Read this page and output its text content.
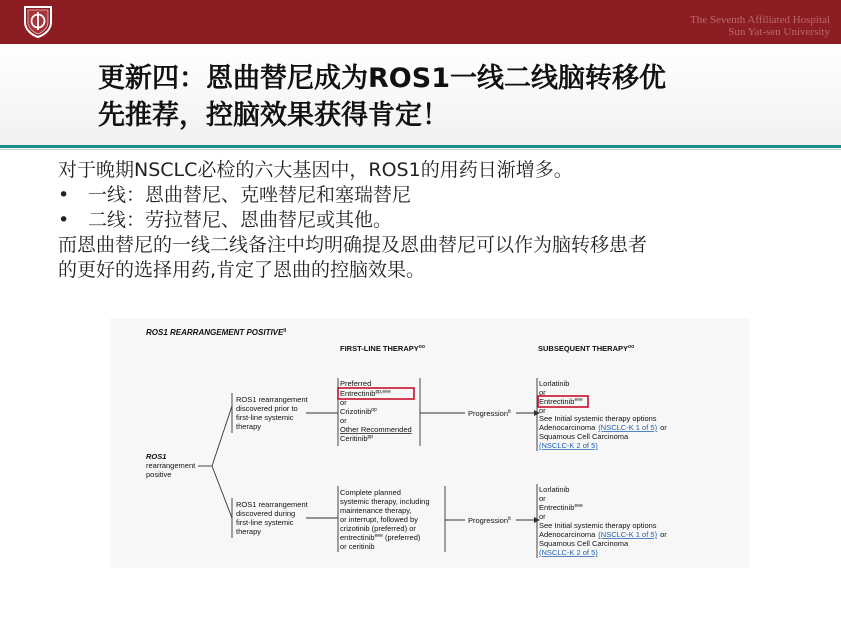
The Seventh Affiliated Hospital
Sun Yat-sen University
更新四：恩曲替尼成为ROS1一线二线脑转移优
先推荐，控脑效果获得肯定！

对于晚期NSCLC必检的六大基因中，ROS1的用药日渐增多。

• 一线：恩曲替尼、克唑替尼和塞瑞替尼

• 二线：劳拉替尼、恩曲替尼或其他。

而恩曲替尼的一线二线备注中均明确提及恩曲替尼可以作为脑转移患者

的更好的选择用药,肯定了恩曲的控脑效果。

ROS1 REARRANGEMENT $POSITIVE^{ll}$
FIRST-LINE $THERAPY^{oo}$	SUBSEQUENT $THERAPY^{oo}$
ROS1
rearrangement
positive
ROS1 rearrangement
discovered prior to
first-line systemic
therapy
ROS1 rearrangement
discovered during
first-line systemic
therapy
Preferred
Entrectinib$^{pp,eee}$
or
Crizotinib$^{pp}$
or
Other Recommended
Ceritinib$^{pp}$
Complete planned
systemic therapy, including
maintenance therapy,
or interrupt, followed by
crizotinib (preferred) or
entrectinib$^{eee}$ (preferred)
or ceritinib
Progression$^{tt}$
Progression$^{tt}$
Lorlatinib
or
Entrectinib$^{eee}$
or
See Initial systemic therapy options
Adenocarcinoma (NSCLC-K 1 of 5) or
Squamous Cell Carcinoma
(NSCLC-K 2 of 5)
Lorlatinib
or
Entrectinib$^{eee}$
or
See Initial systemic therapy options
Adenocarcinoma (NSCLC-K 1 of 5) or
Squamous Cell Carcinoma
(NSCLC-K 2 of 5)
